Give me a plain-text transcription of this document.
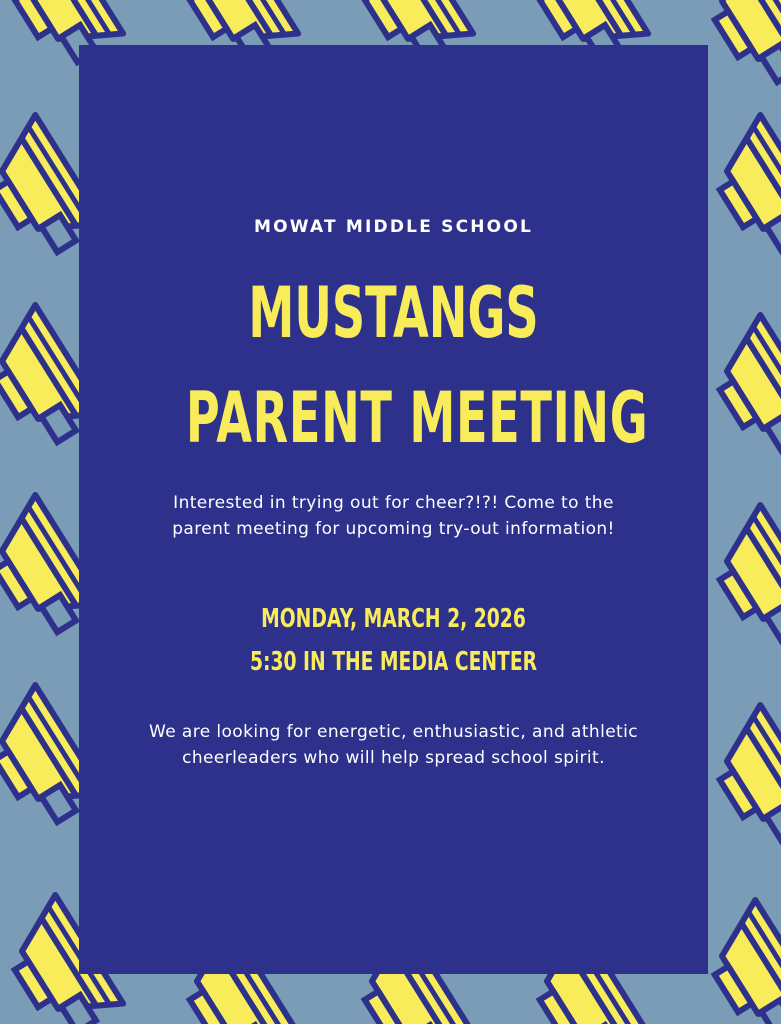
MOWAT MIDDLE SCHOOL
MUSTANGS
PARENT MEETING
Interested in trying out for cheer?!?! Come to the parent meeting for upcoming try-out information!
MONDAY, MARCH 2, 2026
5:30 IN THE MEDIA CENTER
We are looking for energetic, enthusiastic, and athletic cheerleaders who will help spread school spirit.
